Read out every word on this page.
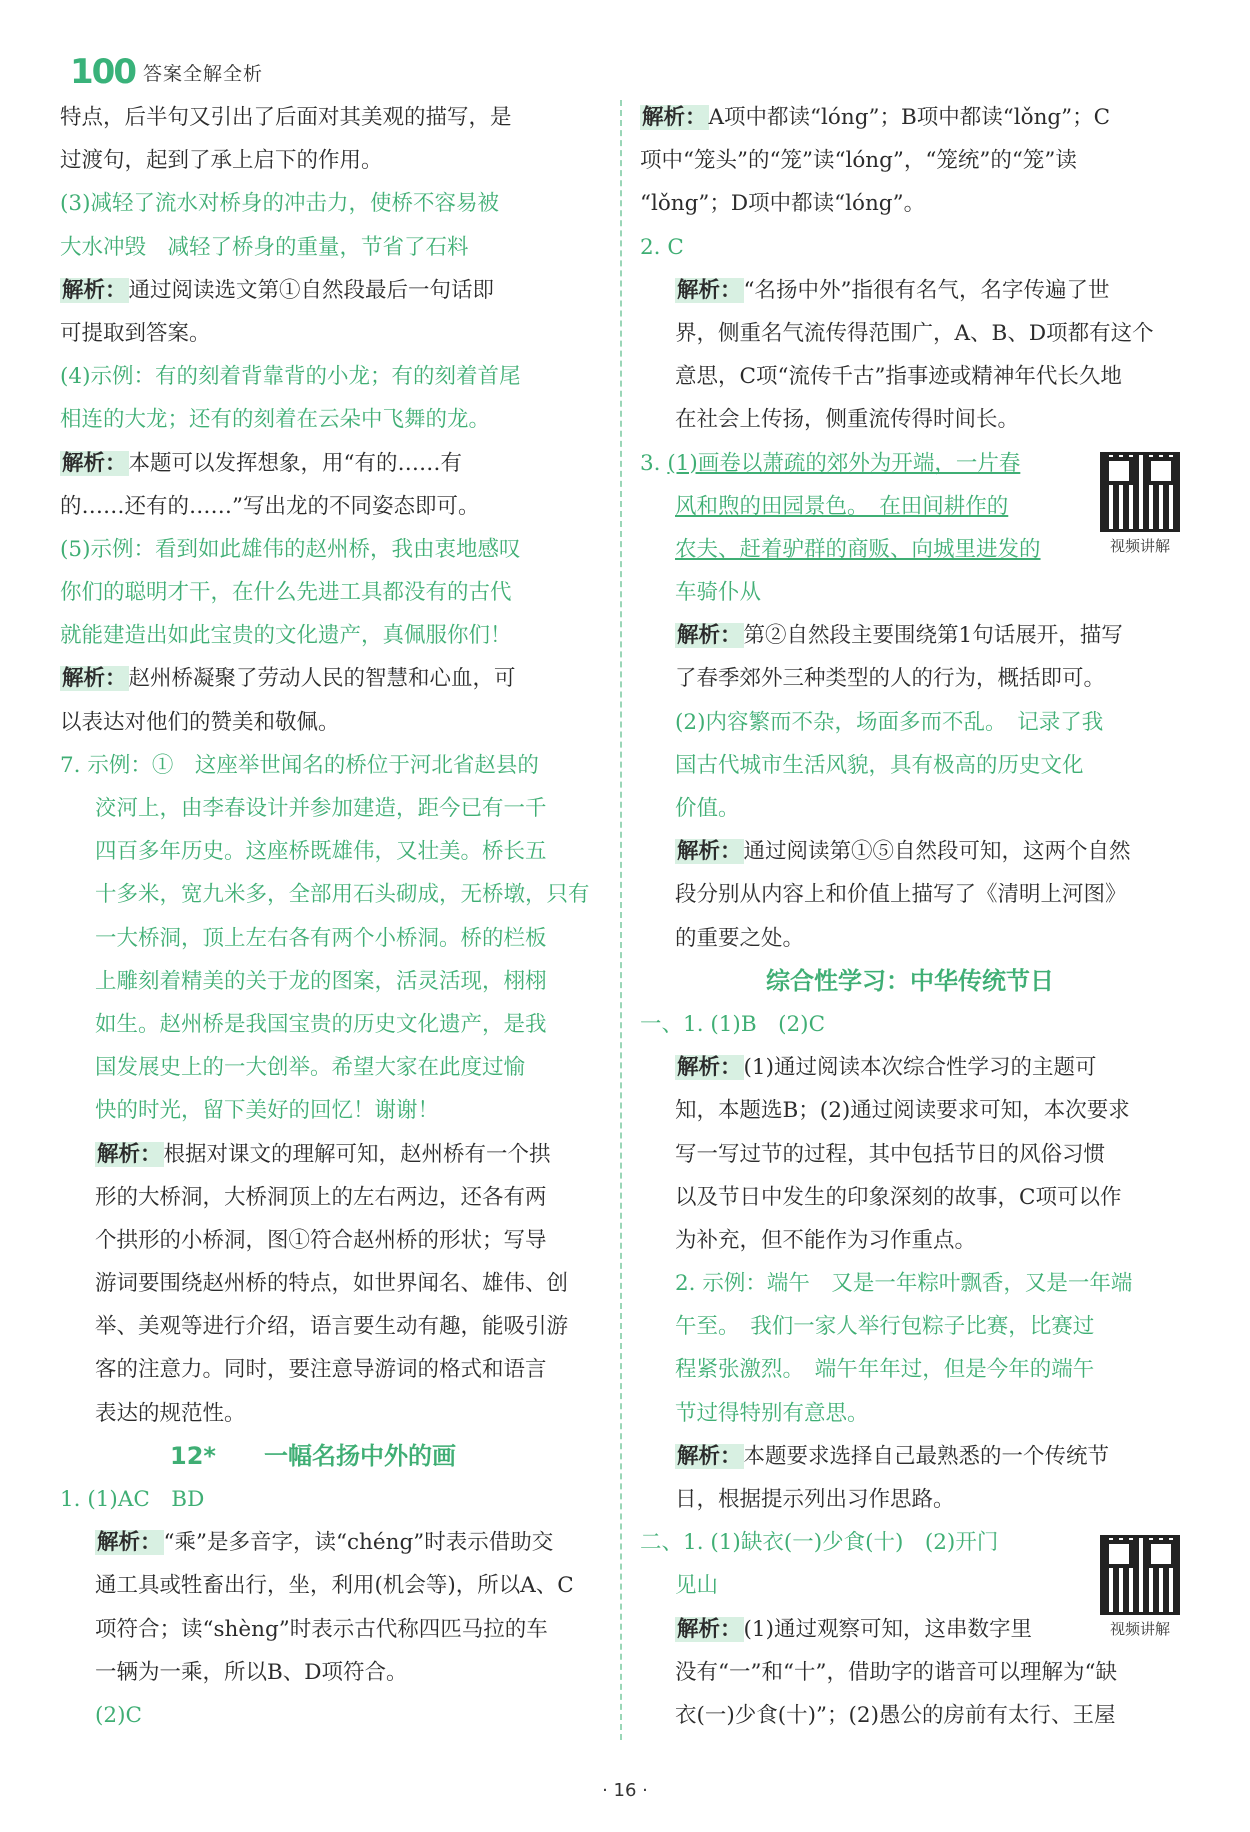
100 答案全解全析
特点，后半句又引出了后面对其美观的描写，是
过渡句，起到了承上启下的作用。
(3)减轻了流水对桥身的冲击力，使桥不容易被
大水冲毁　减轻了桥身的重量，节省了石料
解析：通过阅读选文第①自然段最后一句话即
可提取到答案。
(4)示例：有的刻着背靠背的小龙；有的刻着首尾
相连的大龙；还有的刻着在云朵中飞舞的龙。
解析：本题可以发挥想象，用“有的……有
的……还有的……”写出龙的不同姿态即可。
(5)示例：看到如此雄伟的赵州桥，我由衷地感叹
你们的聪明才干，在什么先进工具都没有的古代
就能建造出如此宝贵的文化遗产，真佩服你们！
解析：赵州桥凝聚了劳动人民的智慧和心血，可
以表达对他们的赞美和敬佩。
7. 示例：①　这座举世闻名的桥位于河北省赵县的
洨河上，由李春设计并参加建造，距今已有一千
四百多年历史。这座桥既雄伟，又壮美。桥长五
十多米，宽九米多，全部用石头砌成，无桥墩，只有
一大桥洞，顶上左右各有两个小桥洞。桥的栏板
上雕刻着精美的关于龙的图案，活灵活现，栩栩
如生。赵州桥是我国宝贵的历史文化遗产，是我
国发展史上的一大创举。希望大家在此度过愉
快的时光，留下美好的回忆！谢谢！
解析：根据对课文的理解可知，赵州桥有一个拱
形的大桥洞，大桥洞顶上的左右两边，还各有两
个拱形的小桥洞，图①符合赵州桥的形状；写导
游词要围绕赵州桥的特点，如世界闻名、雄伟、创
举、美观等进行介绍，语言要生动有趣，能吸引游
客的注意力。同时，要注意导游词的格式和语言
表达的规范性。
12*　　 一幅名扬中外的画
1. (1)AC　BD
解析：“乘”是多音字，读“chéng”时表示借助交
通工具或牲畜出行，坐，利用(机会等)，所以A、C
项符合；读“shèng”时表示古代称四匹马拉的车
一辆为一乘，所以B、D项符合。
(2)C
解析：A项中都读“lóng”；B项中都读“lǒng”；C
项中“笼头”的“笼”读“lóng”，“笼统”的“笼”读
“lǒng”；D项中都读“lóng”。
2. C
解析：“名扬中外”指很有名气，名字传遍了世
界，侧重名气流传得范围广，A、B、D项都有这个
意思，C项“流传千古”指事迹或精神年代长久地
在社会上传扬，侧重流传得时间长。
3. (1)画卷以萧疏的郊外为开端，一片春
风和煦的田园景色。　在田间耕作的
农夫、赶着驴群的商贩、向城里进发的
车骑仆从
解析：第②自然段主要围绕第1句话展开，描写
了春季郊外三种类型的人的行为，概括即可。
(2)内容繁而不杂，场面多而不乱。　记录了我
国古代城市生活风貌，具有极高的历史文化
价值。
解析：通过阅读第①⑤自然段可知，这两个自然
段分别从内容上和价值上描写了《清明上河图》
的重要之处。
综合性学习：中华传统节日
一、1. (1)B　(2)C
解析：(1)通过阅读本次综合性学习的主题可
知，本题选B；(2)通过阅读要求可知，本次要求
写一写过节的过程，其中包括节日的风俗习惯
以及节日中发生的印象深刻的故事，C项可以作
为补充，但不能作为习作重点。
2. 示例：端午　又是一年粽叶飘香，又是一年端
午至。　我们一家人举行包粽子比赛，比赛过
程紧张激烈。　端午年年过，但是今年的端午
节过得特别有意思。
解析：本题要求选择自己最熟悉的一个传统节
日，根据提示列出习作思路。
二、1. (1)缺衣(一)少食(十)　(2)开门
见山
解析：(1)通过观察可知，这串数字里
没有“一”和“十”，借助字的谐音可以理解为“缺
衣(一)少食(十)”；(2)愚公的房前有太行、王屋
视频讲解
视频讲解
· 16 ·
